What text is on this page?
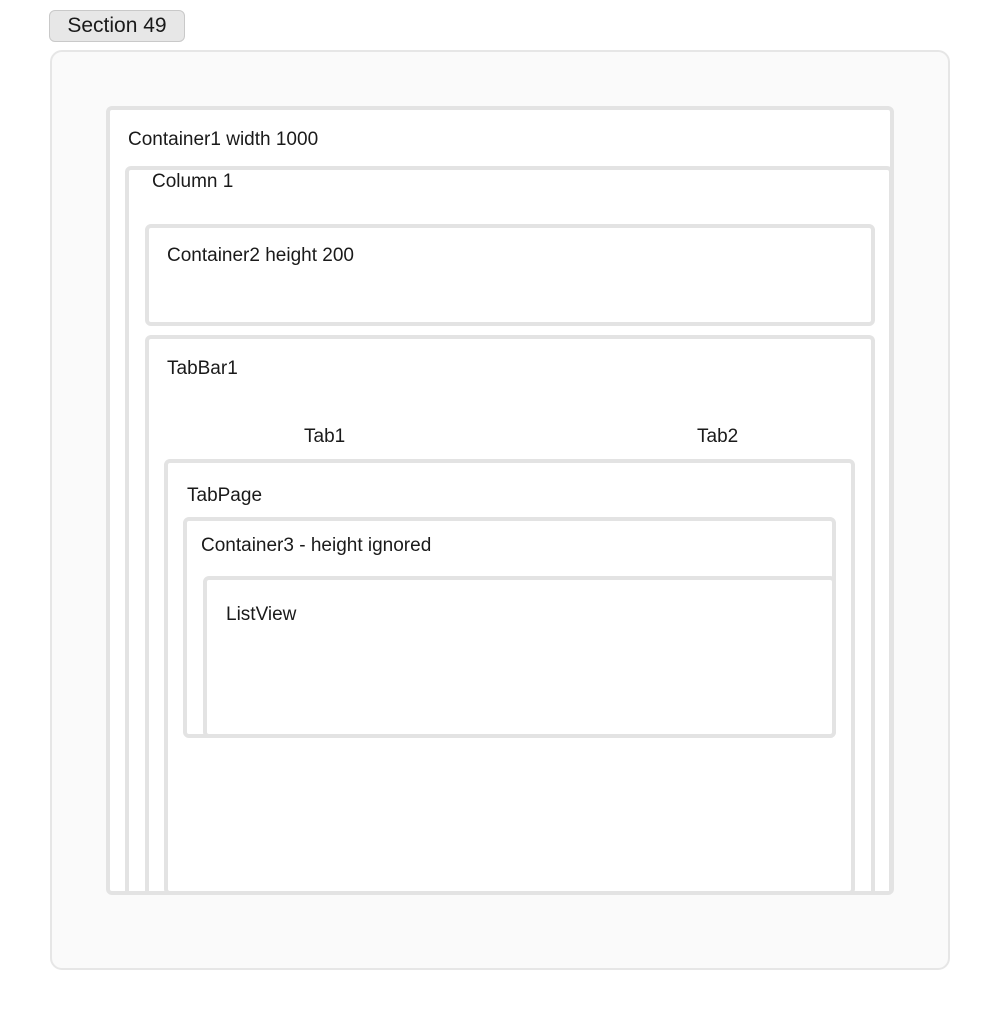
Section 49
Container1 width 1000
Column 1
Container2 height 200
TabBar1
Tab1	Tab2
TabPage
Container3 - height ignored
ListView
